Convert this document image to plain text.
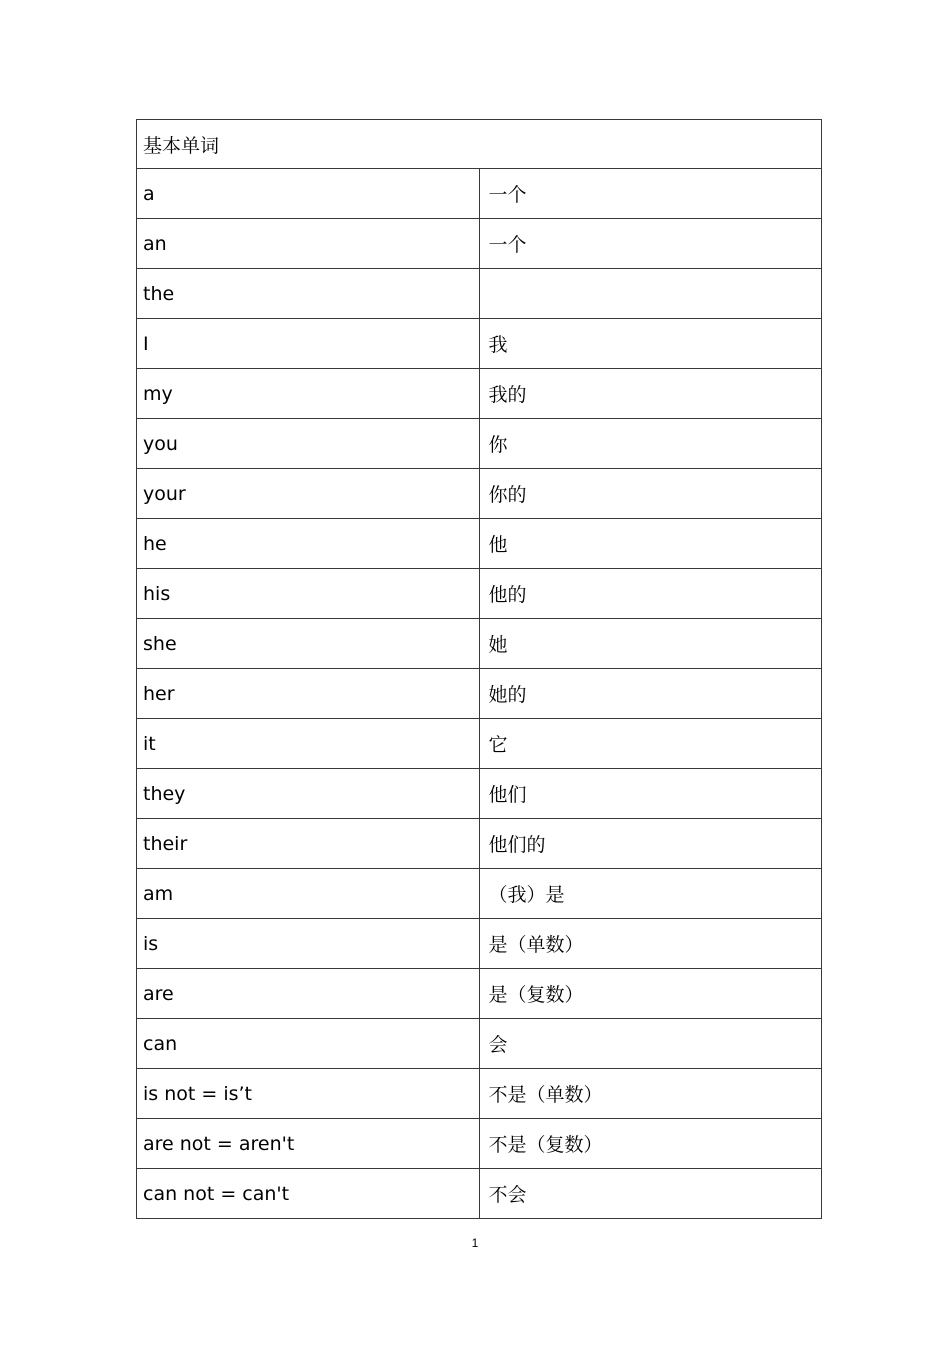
基本单词	
a	一个
an	一个
the	
I	我
my	我的
you	你
your	你的
he	他
his	他的
she	她
her	她的
it	它
they	他们
their	他们的
am	（我）是
is	是（单数）
are	是（复数）
can	会
is not = is’t	不是（单数）
are not = aren't	不是（复数）
can not = can't	不会
1
